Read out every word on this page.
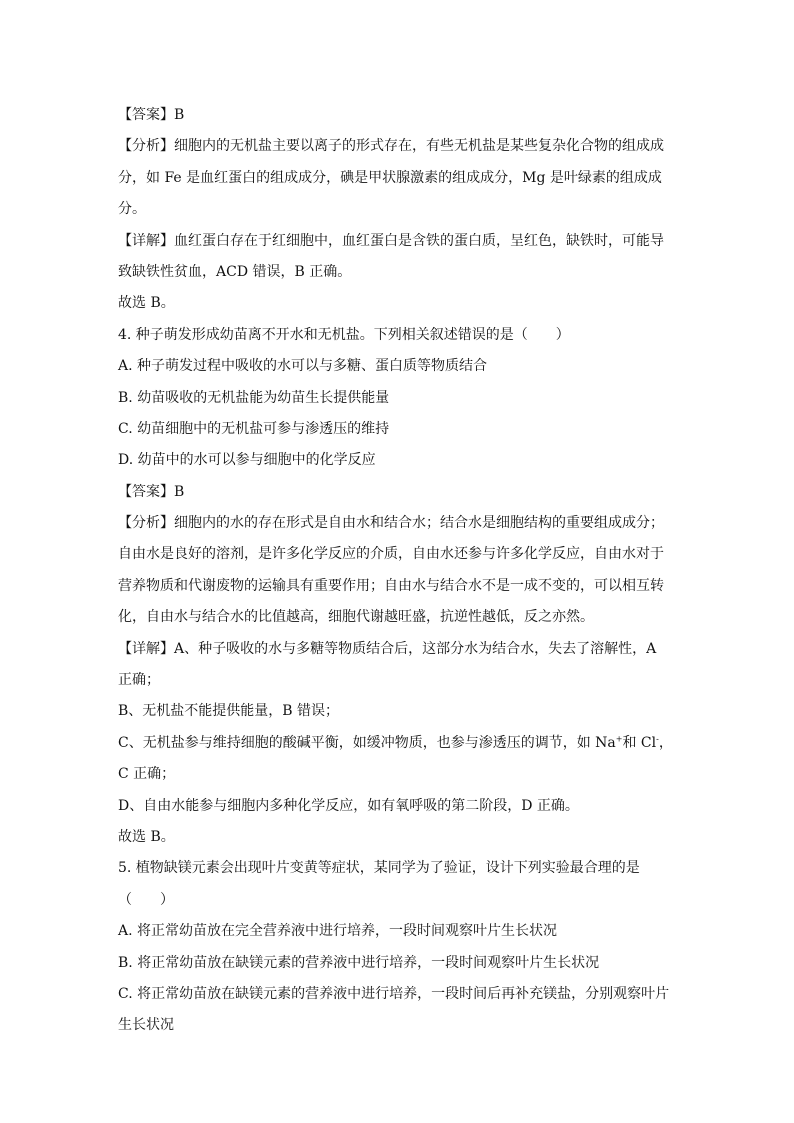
【答案】B
【分析】细胞内的无机盐主要以离子的形式存在，有些无机盐是某些复杂化合物的组成成
分，如 Fe 是血红蛋白的组成成分，碘是甲状腺激素的组成成分，Mg 是叶绿素的组成成
分。
【详解】血红蛋白存在于红细胞中，血红蛋白是含铁的蛋白质，呈红色，缺铁时，可能导
致缺铁性贫血，ACD 错误，B 正确。
故选 B。
4. 种子萌发形成幼苗离不开水和无机盐。下列相关叙述错误的是（　　）
A. 种子萌发过程中吸收的水可以与多糖、蛋白质等物质结合
B. 幼苗吸收的无机盐能为幼苗生长提供能量
C. 幼苗细胞中的无机盐可参与渗透压的维持
D. 幼苗中的水可以参与细胞中的化学反应
【答案】B
【分析】细胞内的水的存在形式是自由水和结合水；结合水是细胞结构的重要组成成分；
自由水是良好的溶剂，是许多化学反应的介质，自由水还参与许多化学反应，自由水对于
营养物质和代谢废物的运输具有重要作用；自由水与结合水不是一成不变的，可以相互转
化，自由水与结合水的比值越高，细胞代谢越旺盛，抗逆性越低，反之亦然。
【详解】A、种子吸收的水与多糖等物质结合后，这部分水为结合水，失去了溶解性，A
正确；
B、无机盐不能提供能量，B 错误；
C、无机盐参与维持细胞的酸碱平衡，如缓冲物质，也参与渗透压的调节，如 Na+和 Cl-，
C 正确；
D、自由水能参与细胞内多种化学反应，如有氧呼吸的第二阶段，D 正确。
故选 B。
5. 植物缺镁元素会出现叶片变黄等症状，某同学为了验证，设计下列实验最合理的是
（　　）
A. 将正常幼苗放在完全营养液中进行培养，一段时间观察叶片生长状况
B. 将正常幼苗放在缺镁元素的营养液中进行培养，一段时间观察叶片生长状况
C. 将正常幼苗放在缺镁元素的营养液中进行培养，一段时间后再补充镁盐，分别观察叶片
生长状况
